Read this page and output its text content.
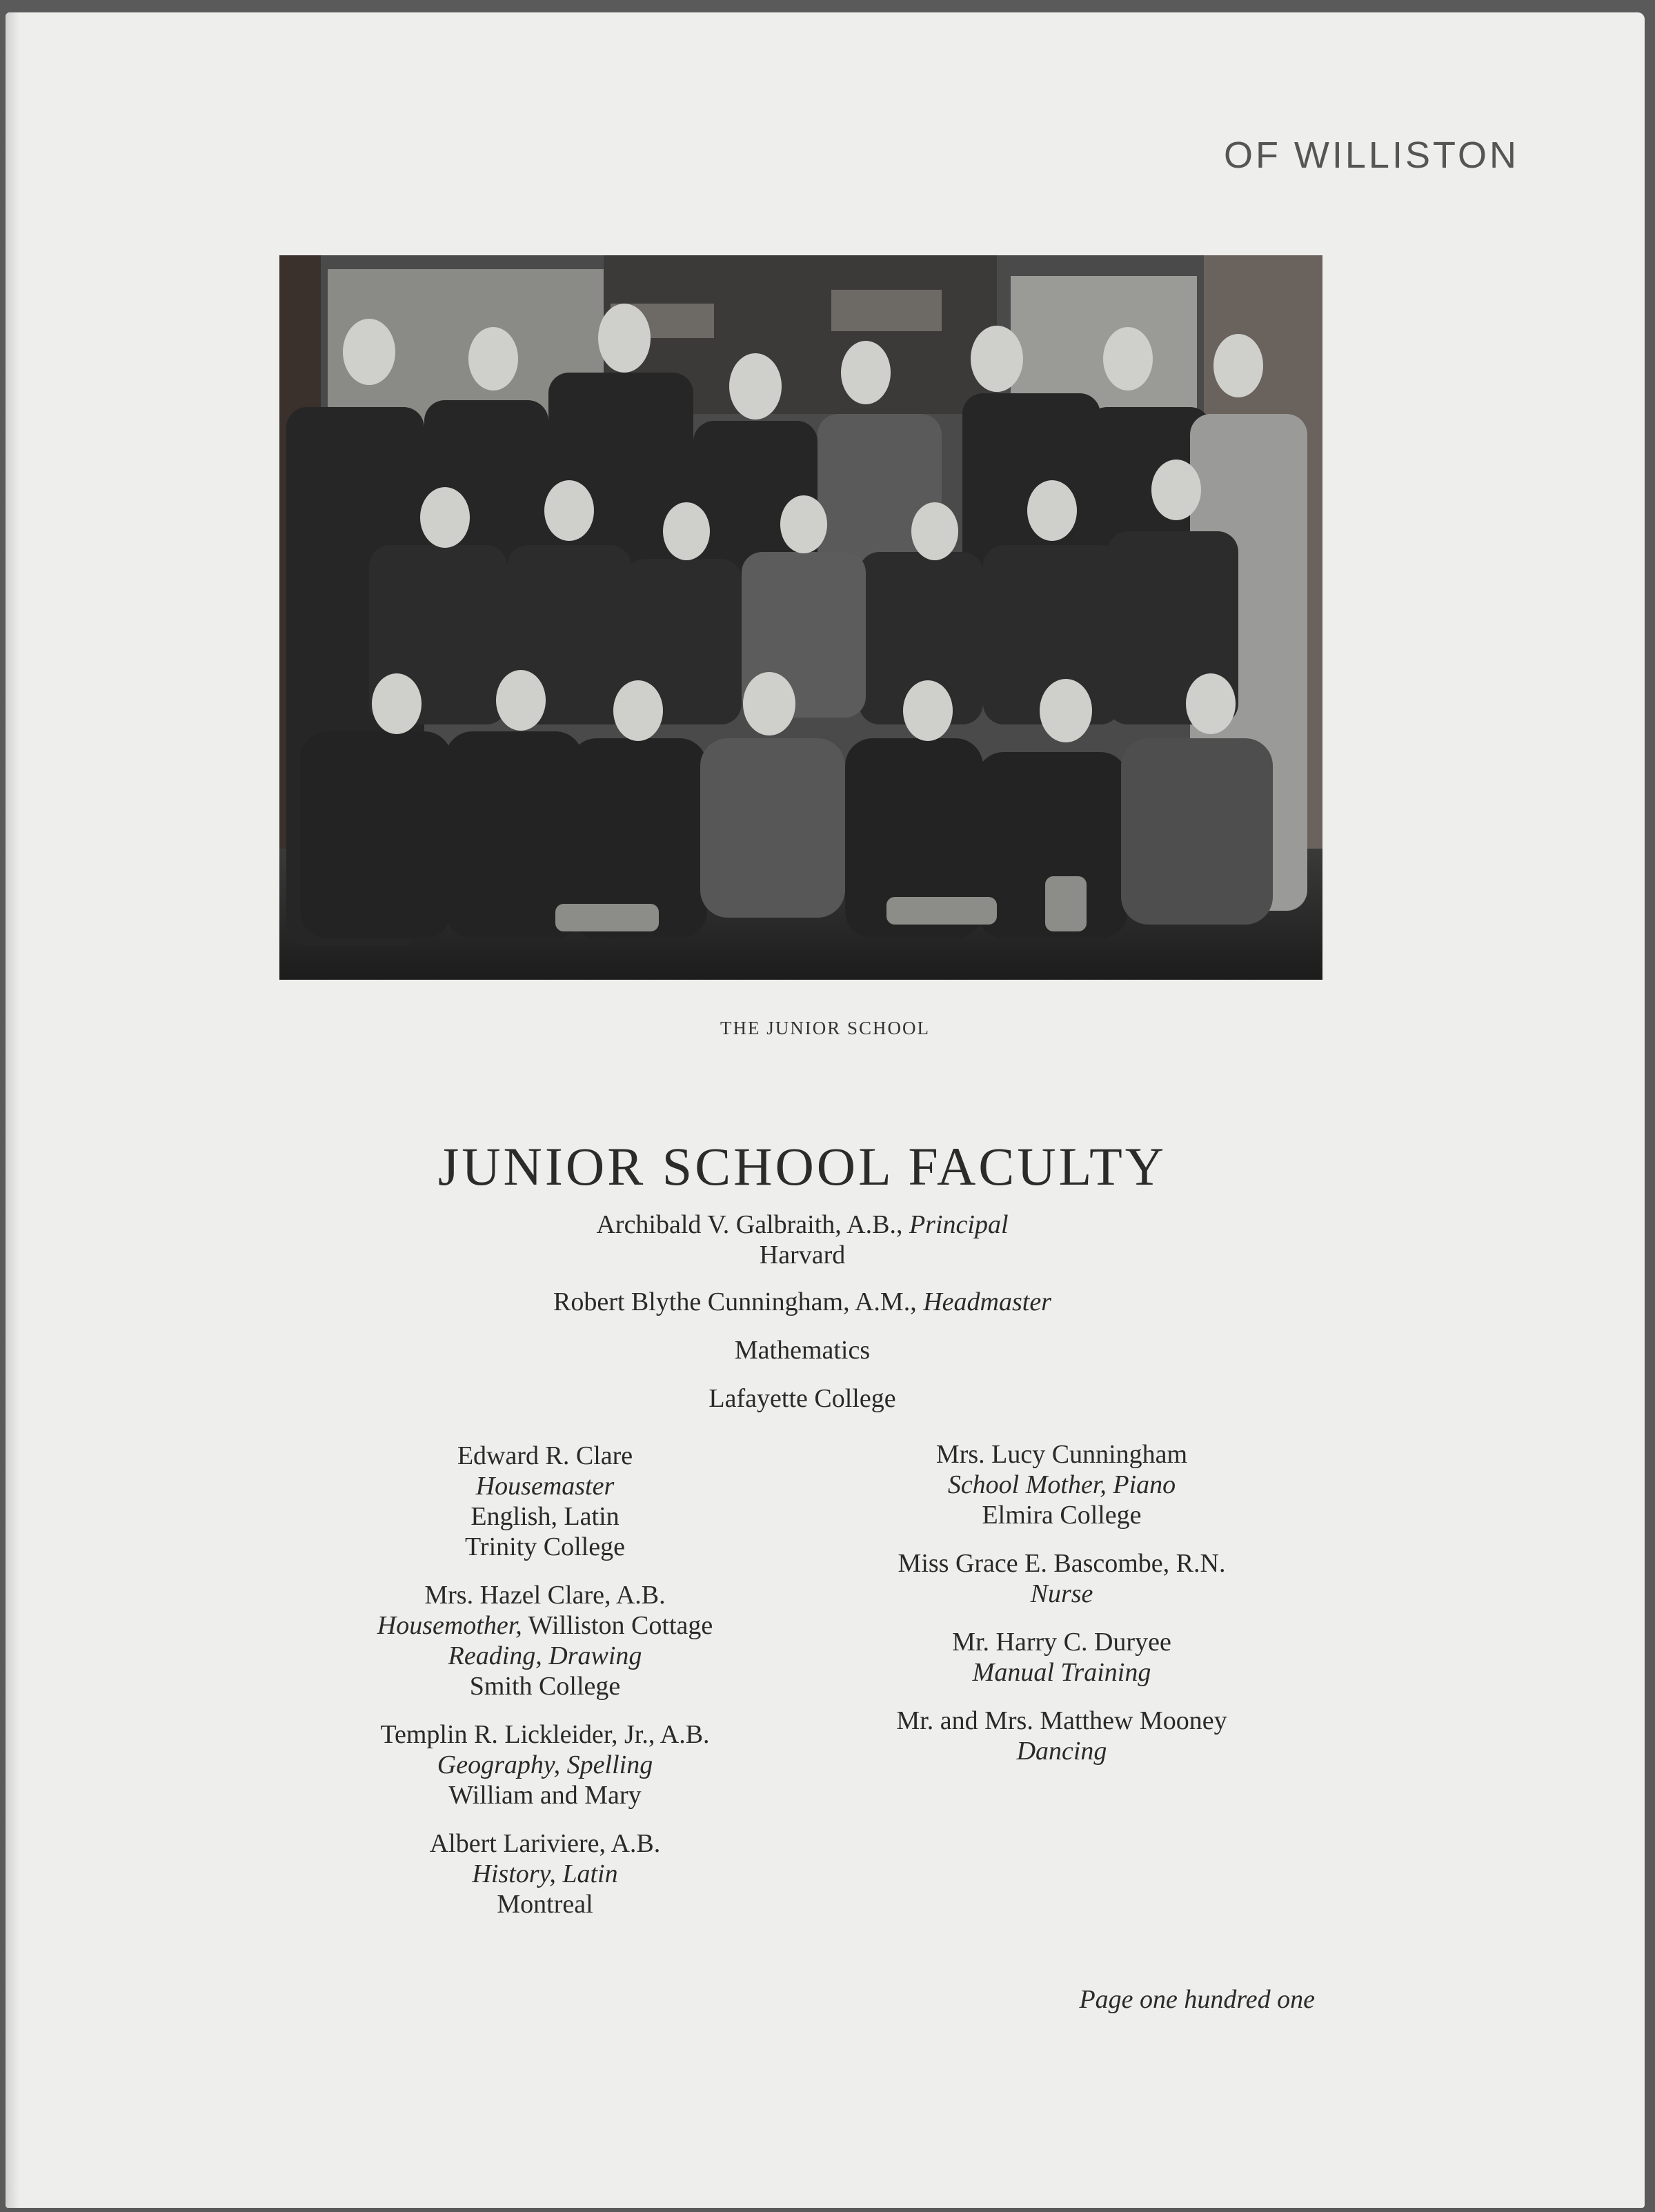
OF WILLISTON
THE JUNIOR SCHOOL
JUNIOR SCHOOL FACULTY
Archibald V. Galbraith, A.B., Principal
Harvard
Robert Blythe Cunningham, A.M., Headmaster
Mathematics
Lafayette College
Edward R. Clare
Housemaster
English, Latin
Trinity College
Mrs. Hazel Clare, A.B.
Housemother, Williston Cottage
Reading, Drawing
Smith College
Templin R. Lickleider, Jr., A.B.
Geography, Spelling
William and Mary
Albert Lariviere, A.B.
History, Latin
Montreal
Mrs. Lucy Cunningham
School Mother, Piano
Elmira College
Miss Grace E. Bascombe, R.N.
Nurse
Mr. Harry C. Duryee
Manual Training
Mr. and Mrs. Matthew Mooney
Dancing
Page one hundred one
